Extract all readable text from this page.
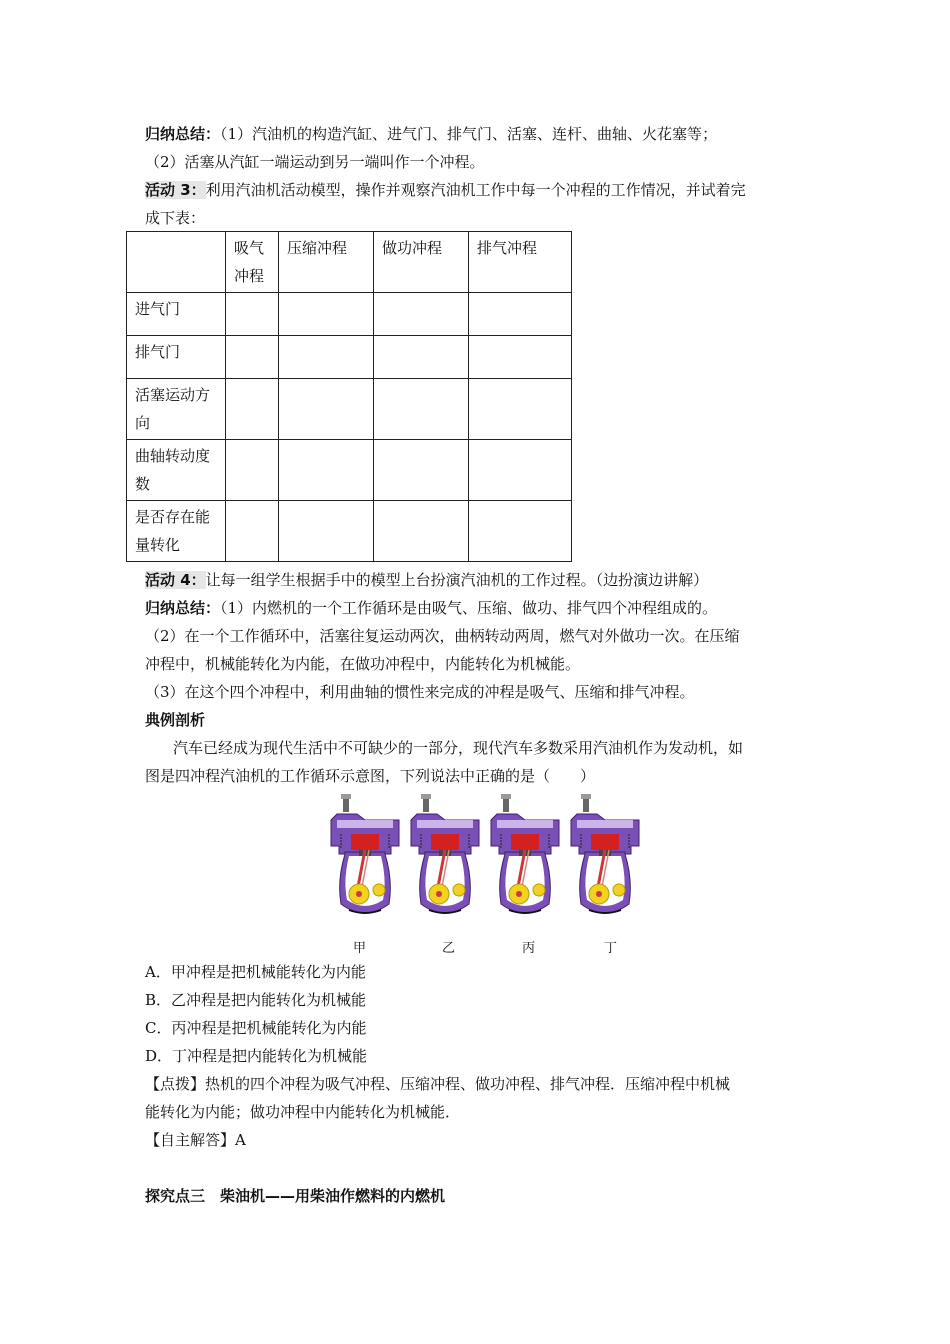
归纳总结：（1）汽油机的构造汽缸、进气门、排气门、活塞、连杆、曲轴、火花塞等；
（2）活塞从汽缸一端运动到另一端叫作一个冲程。
活动 3：利用汽油机活动模型，操作并观察汽油机工作中每一个冲程的工作情况，并试着完
成下表：
	吸气冲程	压缩冲程	做功冲程	排气冲程
进气门				
排气门				
活塞运动方向				
曲轴转动度数				
是否存在能量转化				
活动 4：让每一组学生根据手中的模型上台扮演汽油机的工作过程。（边扮演边讲解）
归纳总结：（1）内燃机的一个工作循环是由吸气、压缩、做功、排气四个冲程组成的。
（2）在一个工作循环中，活塞往复运动两次，曲柄转动两周，燃气对外做功一次。在压缩
冲程中，机械能转化为内能，在做功冲程中，内能转化为机械能。
（3）在这个四个冲程中，利用曲轴的惯性来完成的冲程是吸气、压缩和排气冲程。
典例剖析
汽车已经成为现代生活中不可缺少的一部分，现代汽车多数采用汽油机作为发动机，如
图是四冲程汽油机的工作循环示意图，下列说法中正确的是（　　）
甲	乙	丙	丁
A．甲冲程是把机械能转化为内能
B．乙冲程是把内能转化为机械能
C．丙冲程是把机械能转化为内能
D．丁冲程是把内能转化为机械能
【点拨】热机的四个冲程为吸气冲程、压缩冲程、做功冲程、排气冲程．压缩冲程中机械
能转化为内能；做功冲程中内能转化为机械能．
【自主解答】A
探究点三　柴油机——用柴油作燃料的内燃机
